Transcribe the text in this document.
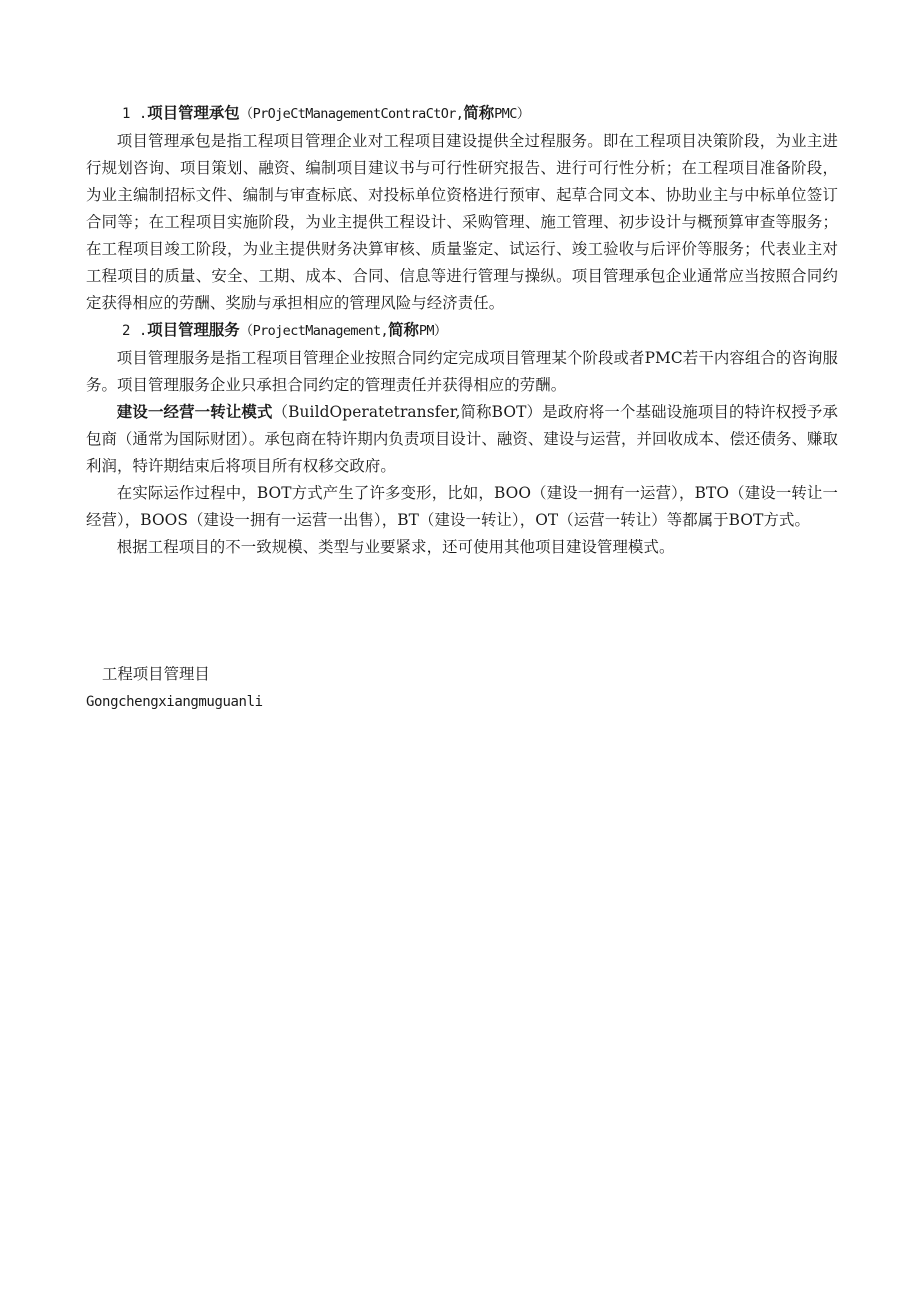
1 .项目管理承包（PrOjeCtManagementContraCtOr,简称PMC）

项目管理承包是指工程项目管理企业对工程项目建设提供全过程服务。即在工程项目决策阶段，为业主进行规划咨询、项目策划、融资、编制项目建议书与可行性研究报告、进行可行性分析；在工程项目准备阶段，为业主编制招标文件、编制与审查标底、对投标单位资格进行预审、起草合同文本、协助业主与中标单位签订合同等；在工程项目实施阶段，为业主提供工程设计、采购管理、施工管理、初步设计与概预算审查等服务；在工程项目竣工阶段，为业主提供财务决算审核、质量鉴定、试运行、竣工验收与后评价等服务；代表业主对工程项目的质量、安全、工期、成本、合同、信息等进行管理与操纵。项目管理承包企业通常应当按照合同约定获得相应的劳酬、奖励与承担相应的管理风险与经济责任。

2 .项目管理服务（ProjectManagement,简称PM）

项目管理服务是指工程项目管理企业按照合同约定完成项目管理某个阶段或者PMC若干内容组合的咨询服务。项目管理服务企业只承担合同约定的管理责任并获得相应的劳酬。

建设一经营一转让模式（BuildOperatetransfer,简称BOT）是政府将一个基础设施项目的特许权授予承包商（通常为国际财团）。承包商在特许期内负责项目设计、融资、建设与运营，并回收成本、偿还债务、赚取利润，特许期结束后将项目所有权移交政府。

在实际运作过程中，BOT方式产生了许多变形，比如，BOO（建设一拥有一运营），BTO（建设一转让一经营），BOOS（建设一拥有一运营一出售），BT（建设一转让），OT（运营一转让）等都属于BOT方式。

根据工程项目的不一致规模、类型与业要紧求，还可使用其他项目建设管理模式。

工程项目管理目
Gongchengxiangmuguanli
